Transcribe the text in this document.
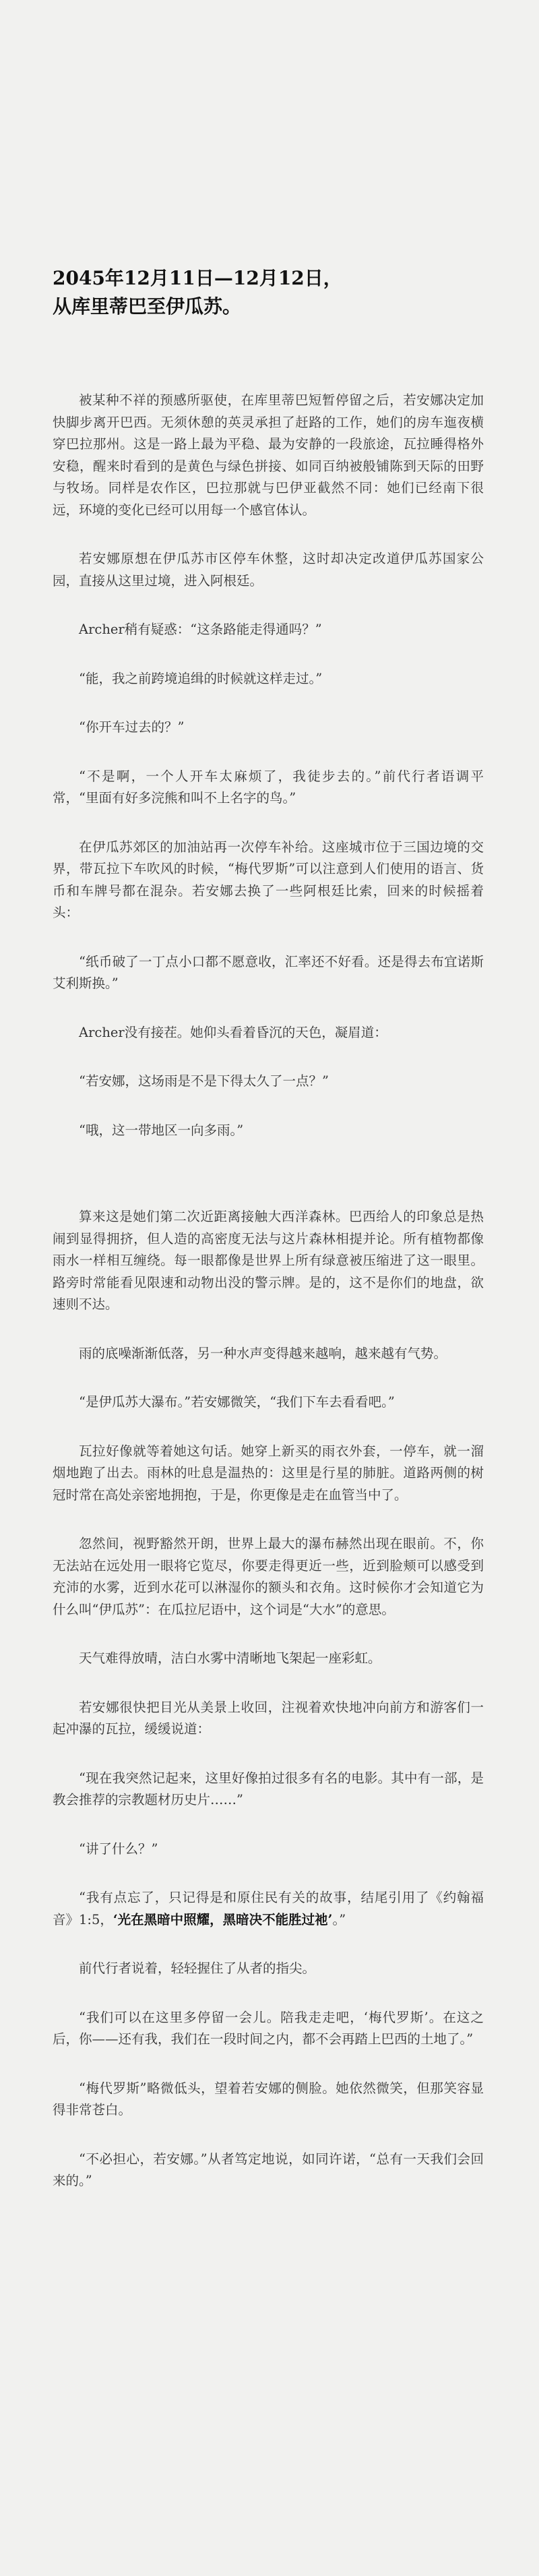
2045年12月11日—12月12日，
从库里蒂巴至伊瓜苏。

被某种不祥的预感所驱使，在库里蒂巴短暂停留之后，若安娜决定加快脚步离开巴西。无须休憩的英灵承担了赶路的工作，她们的房车迤夜横穿巴拉那州。这是一路上最为平稳、最为安静的一段旅途，瓦拉睡得格外安稳，醒来时看到的是黄色与绿色拼接、如同百纳被般铺陈到天际的田野与牧场。同样是农作区，巴拉那就与巴伊亚截然不同：她们已经南下很远，环境的变化已经可以用每一个感官体认。

若安娜原想在伊瓜苏市区停车休整，这时却决定改道伊瓜苏国家公园，直接从这里过境，进入阿根廷。

Archer稍有疑惑：“这条路能走得通吗？”

“能，我之前跨境追缉的时候就这样走过。”

“你开车过去的？”

“不是啊，一个人开车太麻烦了，我徒步去的。”前代行者语调平常，“里面有好多浣熊和叫不上名字的鸟。”

在伊瓜苏郊区的加油站再一次停车补给。这座城市位于三国边境的交界，带瓦拉下车吹风的时候，“梅代罗斯”可以注意到人们使用的语言、货币和车牌号都在混杂。若安娜去换了一些阿根廷比索，回来的时候摇着头：

“纸币破了一丁点小口都不愿意收，汇率还不好看。还是得去布宜诺斯艾利斯换。”

Archer没有接茬。她仰头看着昏沉的天色，凝眉道：

“若安娜，这场雨是不是下得太久了一点？”

“哦，这一带地区一向多雨。”

算来这是她们第二次近距离接触大西洋森林。巴西给人的印象总是热闹到显得拥挤，但人造的高密度无法与这片森林相提并论。所有植物都像雨水一样相互缠绕。每一眼都像是世界上所有绿意被压缩进了这一眼里。路旁时常能看见限速和动物出没的警示牌。是的，这不是你们的地盘，欲速则不达。

雨的底噪渐渐低落，另一种水声变得越来越响，越来越有气势。

“是伊瓜苏大瀑布。”若安娜微笑，“我们下车去看看吧。”

瓦拉好像就等着她这句话。她穿上新买的雨衣外套，一停车，就一溜烟地跑了出去。雨林的吐息是温热的：这里是行星的肺脏。道路两侧的树冠时常在高处亲密地拥抱，于是，你更像是走在血管当中了。

忽然间，视野豁然开朗，世界上最大的瀑布赫然出现在眼前。不，你无法站在远处用一眼将它览尽，你要走得更近一些，近到脸颊可以感受到充沛的水雾，近到水花可以淋湿你的额头和衣角。这时候你才会知道它为什么叫“伊瓜苏”：在瓜拉尼语中，这个词是“大水”的意思。

天气难得放晴，洁白水雾中清晰地飞架起一座彩虹。

若安娜很快把目光从美景上收回，注视着欢快地冲向前方和游客们一起冲瀑的瓦拉，缓缓说道：

“现在我突然记起来，这里好像拍过很多有名的电影。其中有一部，是教会推荐的宗教题材历史片……”

“讲了什么？”

“我有点忘了，只记得是和原住民有关的故事，结尾引用了《约翰福音》1:5，‘光在黑暗中照耀，黑暗决不能胜过祂’。”

前代行者说着，轻轻握住了从者的指尖。

“我们可以在这里多停留一会儿。陪我走走吧，‘梅代罗斯’。在这之后，你——还有我，我们在一段时间之内，都不会再踏上巴西的土地了。”

“梅代罗斯”略微低头，望着若安娜的侧脸。她依然微笑，但那笑容显得非常苍白。

“不必担心，若安娜。”从者笃定地说，如同许诺，“总有一天我们会回来的。”
